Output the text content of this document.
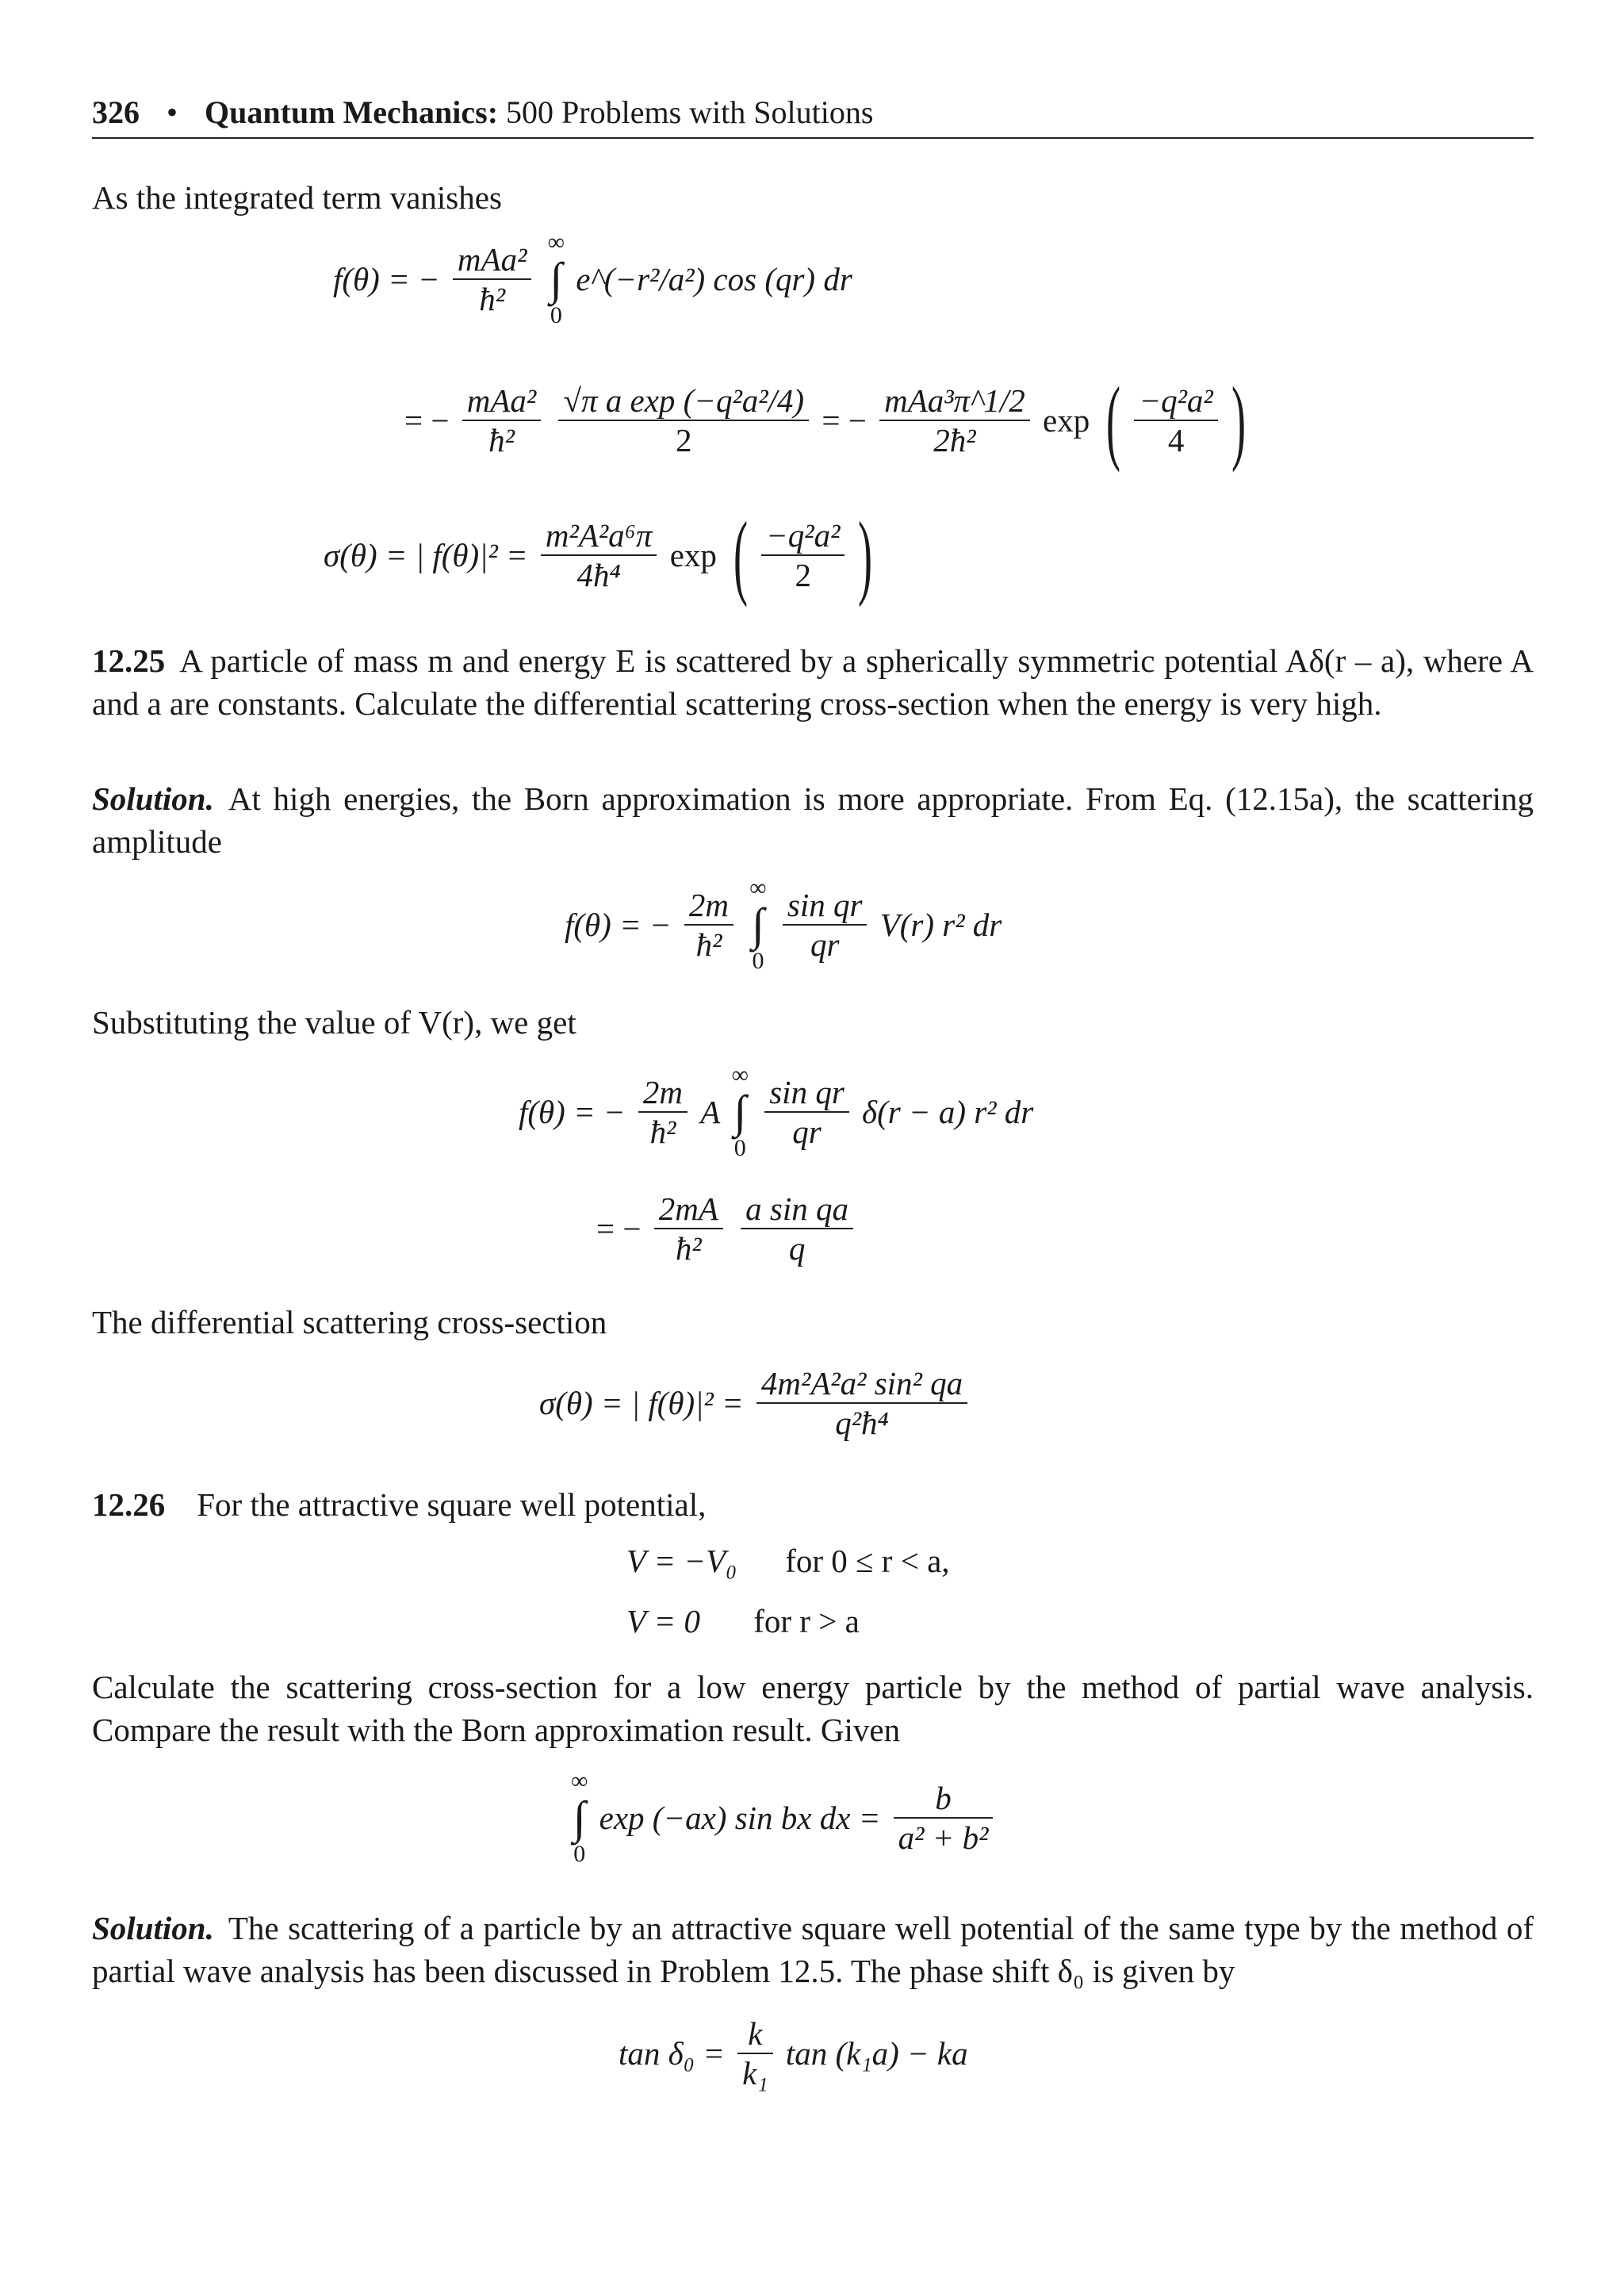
326 • Quantum Mechanics: 500 Problems with Solutions
As the integrated term vanishes
f(θ) = − $\frac{\text{mAa²}}{\text{ħ²}}$
∞
∫
0
e^(−r²/a²) cos (qr) dr
= − $\frac{\text{mAa²}}{\text{ħ²}}$
$\frac{\text{√π a exp (−q²a²/4)}}{2}$ = − $\frac{\text{mAa³π\textasciicircum{}1/2}}{\text{2ħ²}}$ exp ( $\frac{\text{−q²a²}}{4}$ )
σ(θ) = | $f(\theta)|^2 = \frac{\text{m²A²a⁶π}}{\text{4ħ⁴}}$ exp ( $\frac{\text{−q²a²}}{2}$ )
12.25 A particle of mass m and energy E is scattered by a spherically symmetric potential Aδ(r – a), where A and a are constants. Calculate the differential scattering cross-section when the energy is very high.
Solution. At high energies, the Born approximation is more appropriate. From Eq. (12.15a), the scattering amplitude
f(θ) = − $\frac{2m}{\text{ħ²}}$
∞
∫
0
$\frac{\text{sin qr}}{qr} V(r)$ r² dr
Substituting the value of V(r), we get
f(θ) = − $\frac{2m}{\text{ħ²}}$ A
∞
∫
0
$\frac{\text{sin qr}}{qr} \delta(r - a)$ r² dr
= − $\frac{2mA}{\text{ħ²}}$
$\frac{\text{a sin qa}}{q}$
The differential scattering cross-section
σ(θ) = | $f(\theta)|^2 = \frac{\text{4m²A²a² sin² qa}}{\text{q²ħ⁴}}$
12.26 For the attractive square well potential,
V = −V₀ for 0 ≤ r < a,
V = 0 for r > a
Calculate the scattering cross-section for a low energy particle by the method of partial wave analysis. Compare the result with the Born approximation result. Given
∞
∫
0
exp (−ax) sin bx dx = $\frac{b}{\text{a² + b²}}$
Solution. The scattering of a particle by an attractive square well potential of the same type by the method of partial wave analysis has been discussed in Problem 12.5. The phase shift δ₀ is given by
$\tan \delta_0 = \frac{k}{\text{k₁}}$ tan (k₁a) − ka
